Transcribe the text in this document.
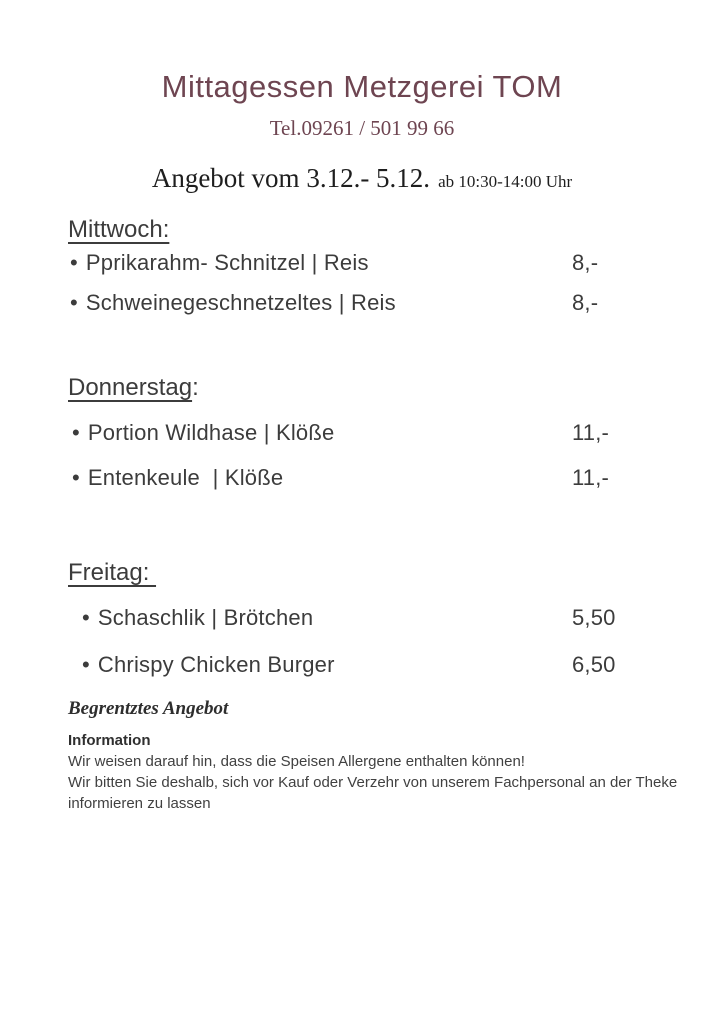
Mittagessen Metzgerei TOM
Tel.09261 / 501 99 66
Angebot vom 3.12.- 5.12. ab 10:30-14:00 Uhr
Mittwoch:
• Pprikarahm- Schnitzel | Reis	8,-
• Schweinegeschnetzeltes | Reis	8,-
Donnerstag:
• Portion Wildhase | Klöße	11,-
• Entenkeule  | Klöße	11,-
Freitag:
• Schaschlik | Brötchen	5,50
• Chrispy Chicken Burger	6,50
Begrentztes Angebot
Information
Wir weisen darauf hin, dass die Speisen Allergene enthalten können!
Wir bitten Sie deshalb, sich vor Kauf oder Verzehr von unserem Fachpersonal an der Theke
informieren zu lassen
